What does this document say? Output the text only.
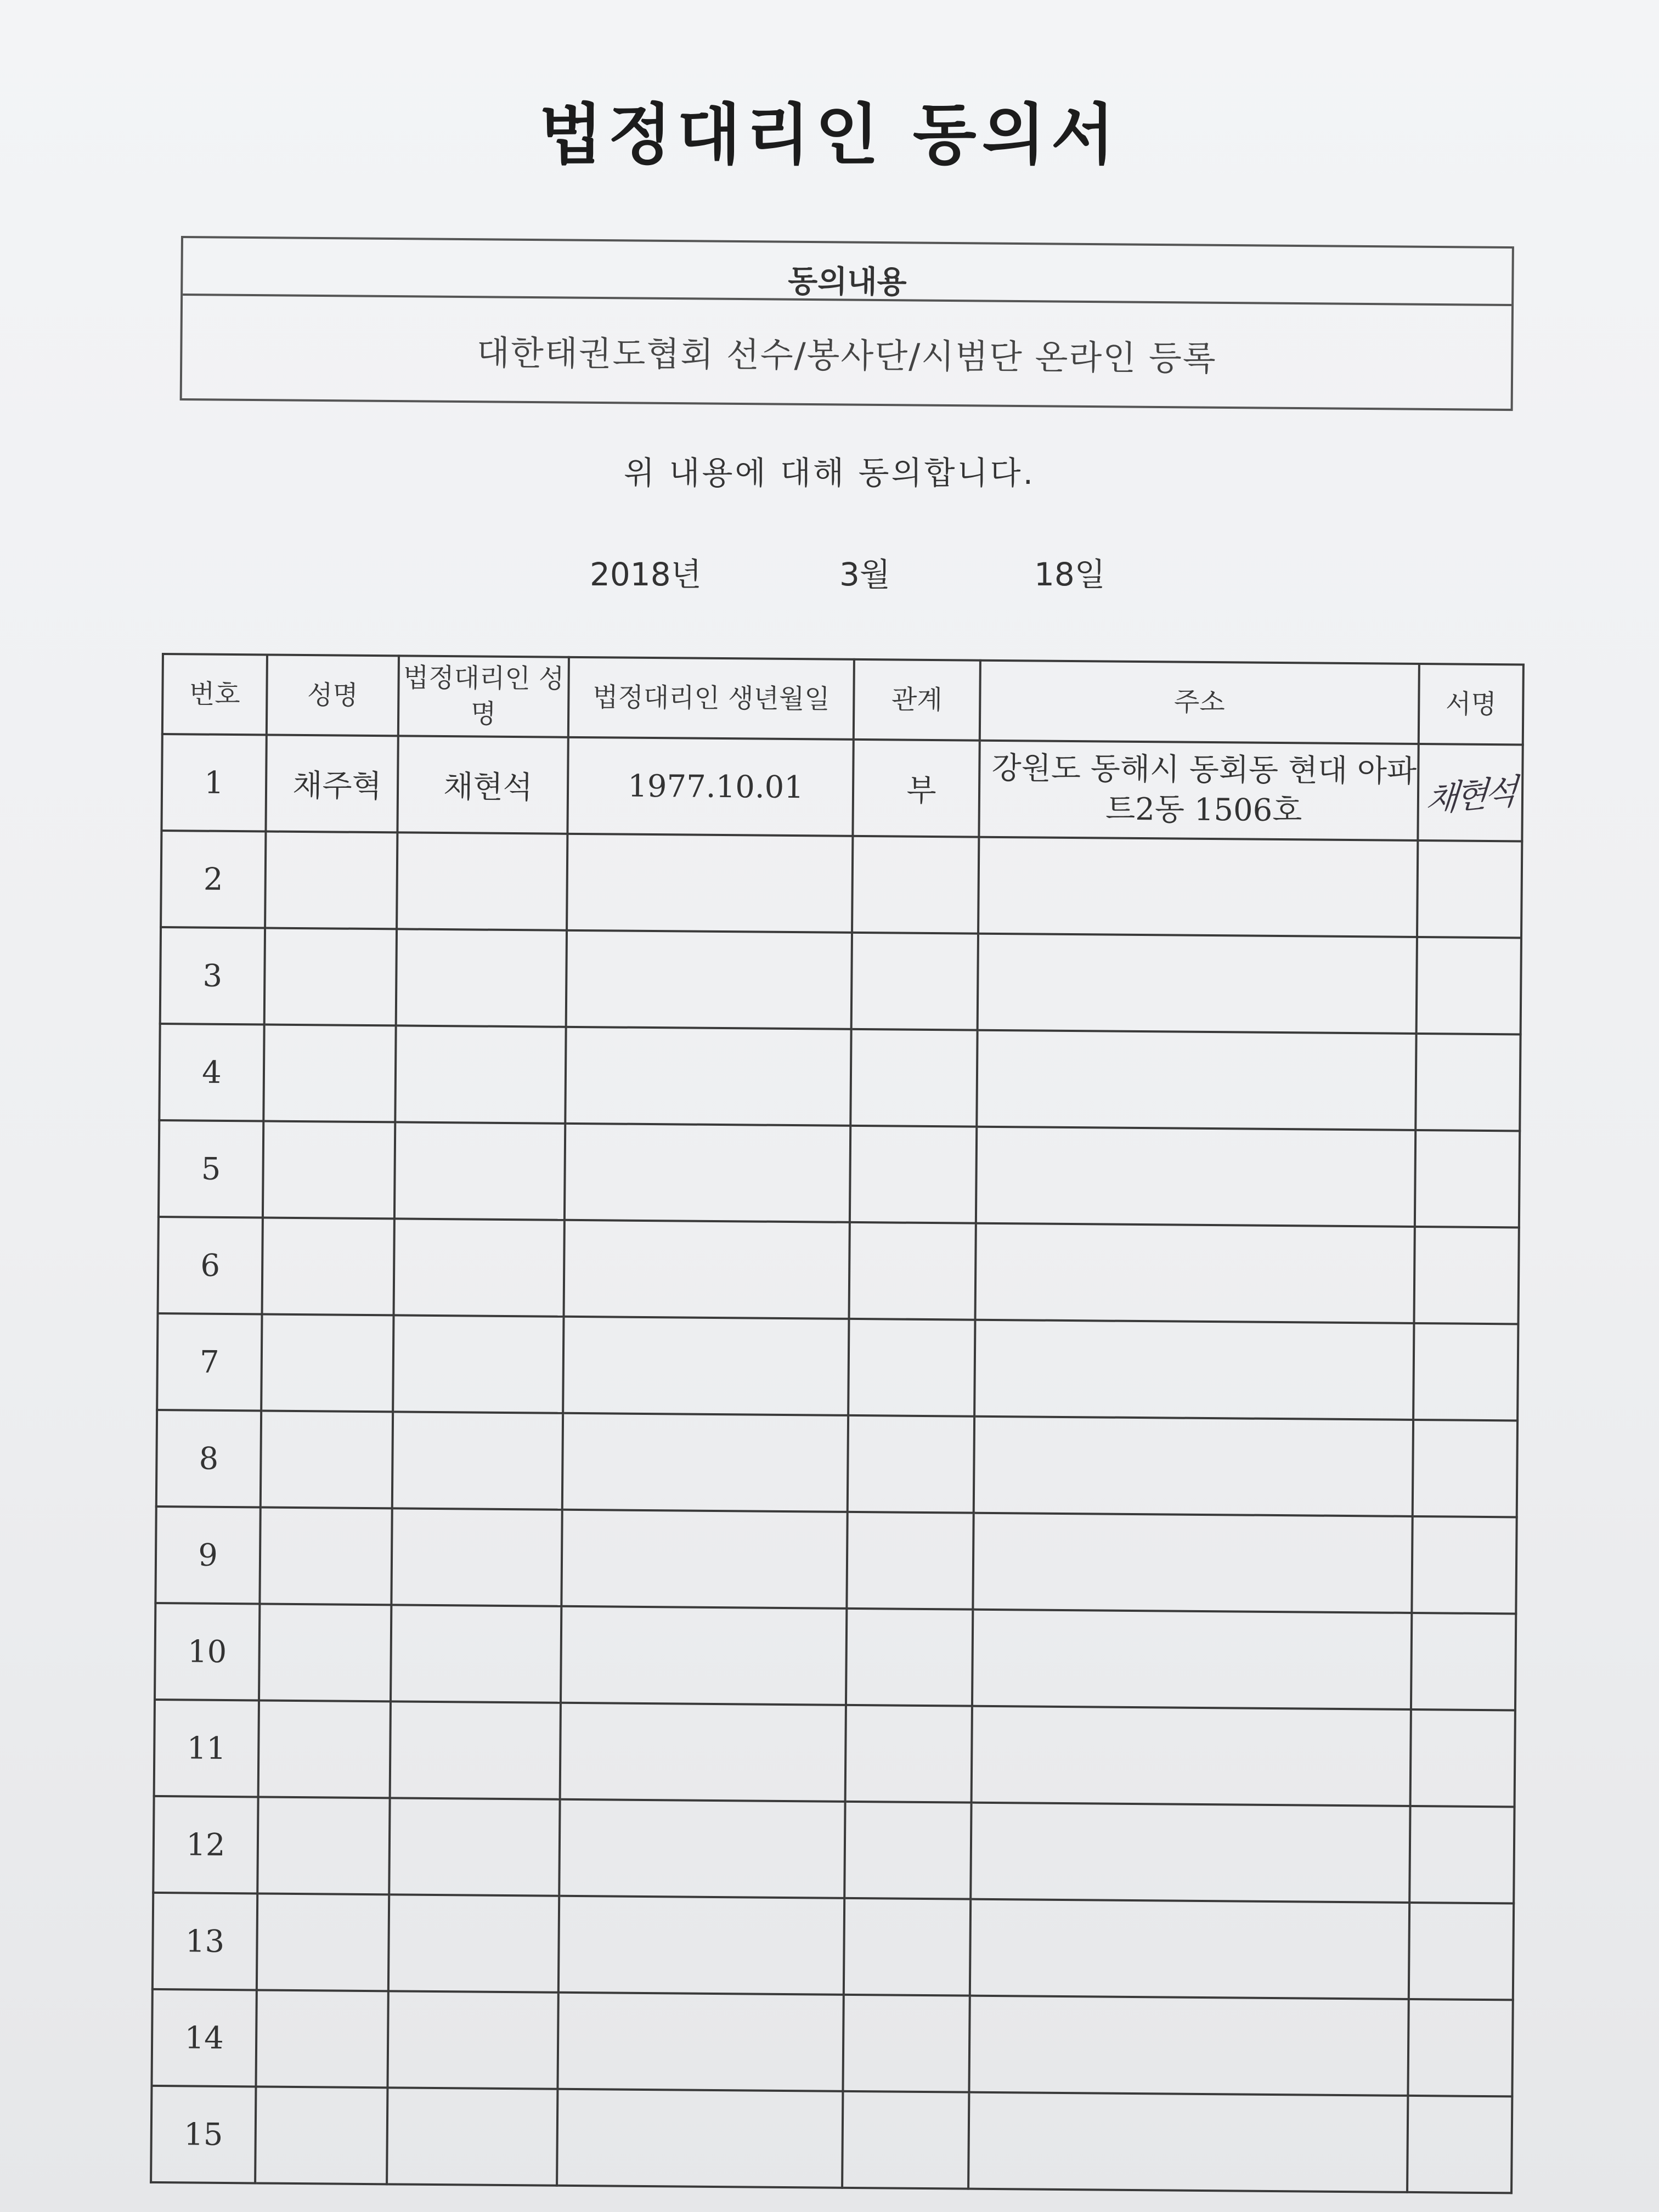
법정대리인 동의서
동의내용
대한태권도협회 선수/봉사단/시범단 온라인 등록
위 내용에 대해 동의합니다.
2018년	3월	18일
번호	성명	법정대리인 성명	법정대리인 생년월일	관계	주소	서명
1	채주혁	채현석	1977.10.01	부	강원도 동해시 동회동 현대 아파트2동 1506호	채현석
2						
3						
4						
5						
6						
7						
8						
9						
10						
11						
12						
13						
14						
15						
